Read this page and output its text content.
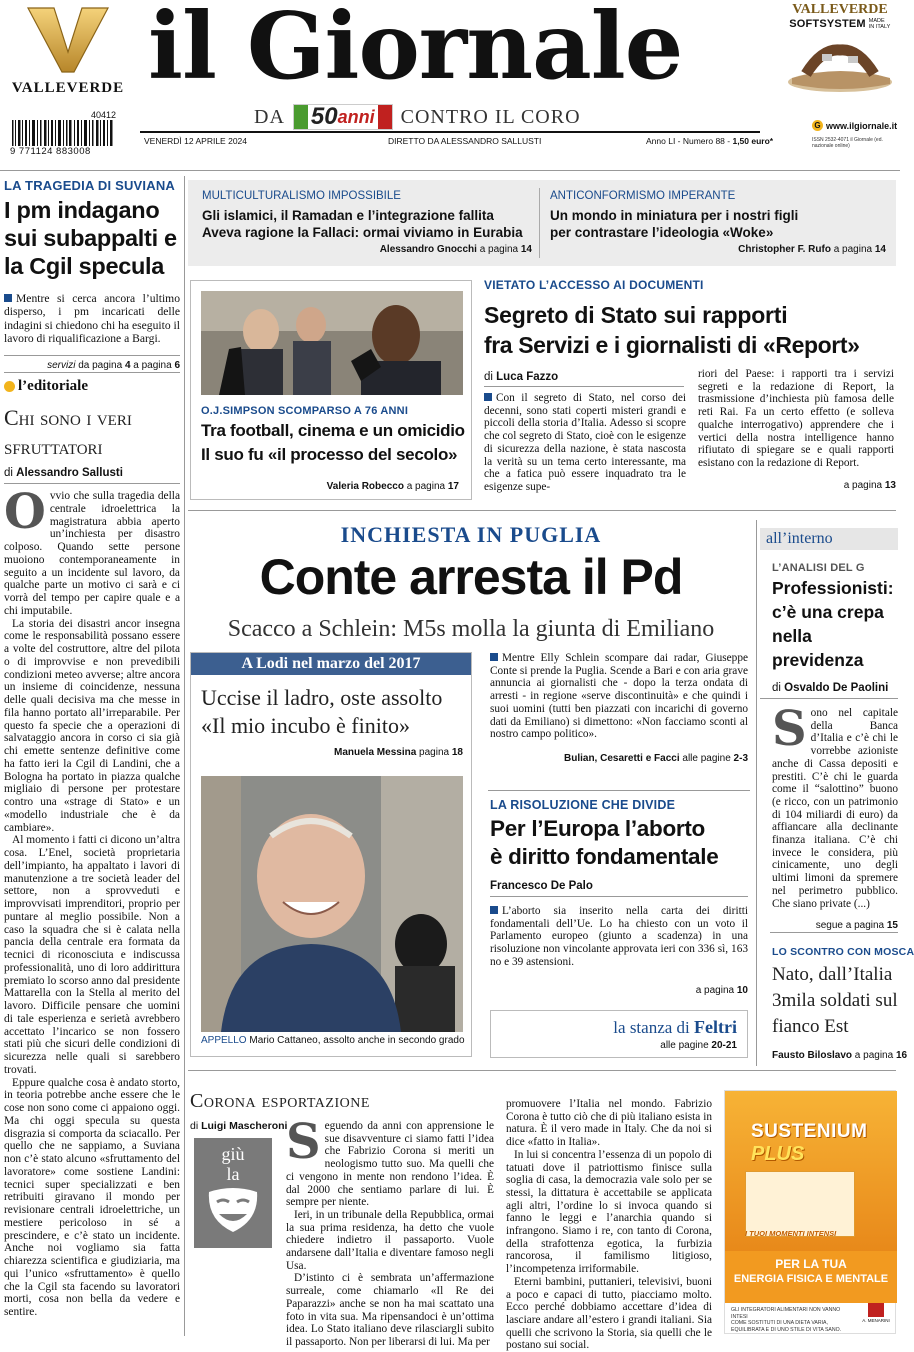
VALLEVERDE il Giornale
DA 50 anni CONTRO IL CORO
VENERDÌ 12 APRILE 2024	DIRETTO DA ALESSANDRO SALLUSTI	Anno LI - Numero 88 - 1,50 euro*
40412
9 771124 883008
VALLEVERDE
SOFTSYSTEM MADE IN ITALY
G www.ilgiornale.it
ISSN 2532-4071 il Giornale (ed. nazionale online)
LA TRAGEDIA DI SUVIANA
I pm indagano sui subappalti e la Cgil specula
Mentre si cerca ancora l’ultimo disperso, i pm incaricati delle indagini si chiedono chi ha eseguito il lavoro di riqualificazione a Bargi.
servizi da pagina 4 a pagina 6
l’editoriale
Chi sono i veri sfruttatori
di Alessandro Sallusti

Ovvio che sulla tragedia della centrale idroelettrica la magistratura abbia aperto un’inchiesta per disastro colposo. Quando sette persone muoiono contemporaneamente in seguito a un incidente sul lavoro, da qualche parte un motivo ci sarà e ci vorrà del tempo per capire quale e a chi imputabile.

La storia dei disastri ancor insegna come le responsabilità possano essere a volte del costruttore, altre del pilota o di improvvise e non prevedibili condizioni meteo avverse; altre ancora un insieme di coincidenze, nessuna delle quali decisiva ma che messe in fila hanno portato all’irreparabile. Per questo fa specie che a operazioni di salvataggio ancora in corso ci sia già chi emette sentenze definitive come ha fatto ieri la Cgil di Landini, che a Bologna ha portato in piazza qualche migliaio di persone per protestare contro una «strage di Stato» e un «modello industriale che è da cambiare».

Al momento i fatti ci dicono un’altra cosa. L’Enel, società proprietaria dell’impianto, ha appaltato i lavori di manutenzione a tre società leader del settore, non a sprovveduti e improvvisati imprenditori, proprio per puntare al meglio possibile. Non a caso la squadra che si è calata nella pancia della centrale era formata da tecnici di riconosciuta e indiscussa professionalità, uno di loro addirittura premiato lo scorso anno dal presidente Mattarella con la Stella al merito del lavoro. Difficile pensare che uomini di tale esperienza e serietà avrebbero accettato l’incarico se non fossero stati più che sicuri delle condizioni di sicurezza nelle quali si sarebbero trovati.

Eppure qualche cosa è andato storto, in teoria potrebbe anche essere che le cose non sono come ci appaiono oggi. Ma chi oggi specula su questa disgrazia si comporta da sciacallo. Per quello che ne sappiamo, a Suviana non c’è stato alcuno «sfruttamento del lavoratore» come sostiene Landini: tecnici super specializzati e ben retribuiti giravano il mondo per revisionare centrali idroelettriche, un mestiere pericoloso in sé a prescindere, e c’è stato un incidente. Anche noi vogliamo sia fatta chiarezza scientifica e giudiziaria, ma qui l’unico «sfruttamento» è quello che la Cgil sta facendo su lavoratori morti, cosa non bella da vedere e sentire.

MULTICULTURALISMO IMPOSSIBILE
Gli islamici, il Ramadan e l’integrazione fallita
Aveva ragione la Fallaci: ormai viviamo in Eurabia
Alessandro Gnocchi a pagina 14
ANTICONFORMISMO IMPERANTE
Un mondo in miniatura per i nostri figli
per contrastare l’ideologia «Woke»
Christopher F. Rufo a pagina 14
O.J.SIMPSON SCOMPARSO A 76 ANNI
Tra football, cinema e un omicidio
Il suo fu «il processo del secolo»
Valeria Robecco a pagina 17
VIETATO L’ACCESSO AI DOCUMENTI
Segreto di Stato sui rapporti
fra Servizi e i giornalisti di «Report»
di Luca Fazzo
Con il segreto di Stato, nel corso dei decenni, sono stati coperti misteri grandi e piccoli della storia d’Italia. Adesso si scopre che col segreto di Stato, cioè con le esigenze di sicurezza della nazione, è stata nascosta la verità su un tema certo interessante, ma che a fatica può essere inquadrato tra le esigenze supe-
riori del Paese: i rapporti tra i servizi segreti e la redazione di Report, la trasmissione d’inchiesta più famosa delle reti Rai. Fa un certo effetto (e solleva qualche interrogativo) apprendere che i vertici della nostra intelligence hanno rifiutato di spiegare se e quali rapporti esistano con la redazione di Report.
a pagina 13
INCHIESTA IN PUGLIA
Conte arresta il Pd
Scacco a Schlein: M5s molla la giunta di Emiliano
A Lodi nel marzo del 2017
Uccise il ladro, oste assolto
«Il mio incubo è finito»
Manuela Messina pagina 18
APPELLO Mario Cattaneo, assolto anche in secondo grado
Mentre Elly Schlein scompare dai radar, Giuseppe Conte si prende la Puglia. Scende a Bari e con aria grave annuncia ai giornalisti che - dopo la terza ondata di arresti - in regione «serve discontinuità» e che quindi i suoi uomini (tutti ben piazzati con incarichi di governo dati da Emiliano) si dimettono: «Non facciamo sconti al nostro campo politico».
Bulian, Cesaretti e Facci alle pagine 2-3
LA RISOLUZIONE CHE DIVIDE
Per l’Europa l’aborto
è diritto fondamentale
Francesco De Palo
L’aborto sia inserito nella carta dei diritti fondamentali dell’Ue. Lo ha chiesto con un voto il Parlamento europeo (giunto a scadenza) in una risoluzione non vincolante approvata ieri con 336 sì, 163 no e 39 astensioni.
a pagina 10
la stanza di Feltri
alle pagine 20-21
all’interno
L’ANALISI DEL G
Professionisti: c’è una crepa nella previdenza
di Osvaldo De Paolini
Sono nel capitale della Banca d’Italia e c’è chi le vorrebbe azioniste anche di Cassa depositi e prestiti. C’è chi le guarda come il “salottino” buono (e ricco, con un patrimonio di 104 miliardi di euro) da affiancare alla declinante finanza italiana. C’è chi invece le considera, più cinicamente, uno degli ultimi limoni da spremere nel perimetro pubblico. Che siano private (...)
segue a pagina 15
LO SCONTRO CON MOSCA
Nato, dall’Italia 3mila soldati sul fianco Est
Fausto Biloslavo a pagina 16
Corona esportazione
di Luigi Mascheroni
giù
la

Seguendo da anni con apprensione le sue disavventure ci siamo fatti l’idea che Fabrizio Corona si meriti un neologismo tutto suo. Ma quelli che ci vengono in mente non rendono l’idea. È dal 2000 che sentiamo parlare di lui. È sempre per niente.

Ieri, in un tribunale della Repubblica, ormai la sua prima residenza, ha detto che vuole chiedere indietro il passaporto. Vuole andarsene dall’Italia e diventare famoso negli Usa.

D’istinto ci è sembrata un’affermazione surreale, come chiamarlo «Il Re dei Paparazzi» anche se non ha mai scattato una foto in vita sua. Ma ripensandoci è un’ottima idea. Lo Stato italiano deve rilasciargli subito il passaporto. Non per liberarsi di lui. Ma per

promuovere l’Italia nel mondo. Fabrizio Corona è tutto ciò che di più italiano esista in natura. È il vero made in Italy. Che da noi si dice «fatto in Italia».

In lui si concentra l’essenza di un popolo di tatuati dove il patriottismo finisce sulla soglia di casa, la democrazia vale solo per se stessi, la dittatura è accettabile se applicata agli altri, l’ordine lo si invoca quando si fanno le leggi e l’anarchia quando si infrangono. Siamo i re, con tanto di Corona, della strafottenza egotica, la furbizia rancorosa, il familismo litigioso, l’incompetenza irriformabile.

Eterni bambini, puttanieri, televisivi, buoni a poco e capaci di tutto, piacciamo molto. Ecco perché dobbiamo accettare d’idea di lasciare andare all’estero i grandi italiani. Sia quelli che scrivono la Storia, sia quelli che le postano sui social.

SUSTENIUM
PLUS
I TUOI MOMENTI INTENSI
PER LA TUA
ENERGIA FISICA E MENTALE
GLI INTEGRATORI ALIMENTARI NON VANNO INTESI
COME SOSTITUTI DI UNA DIETA VARIA,
EQUILIBRATA E DI UNO STILE DI VITA SANO.
A. MENARINI
